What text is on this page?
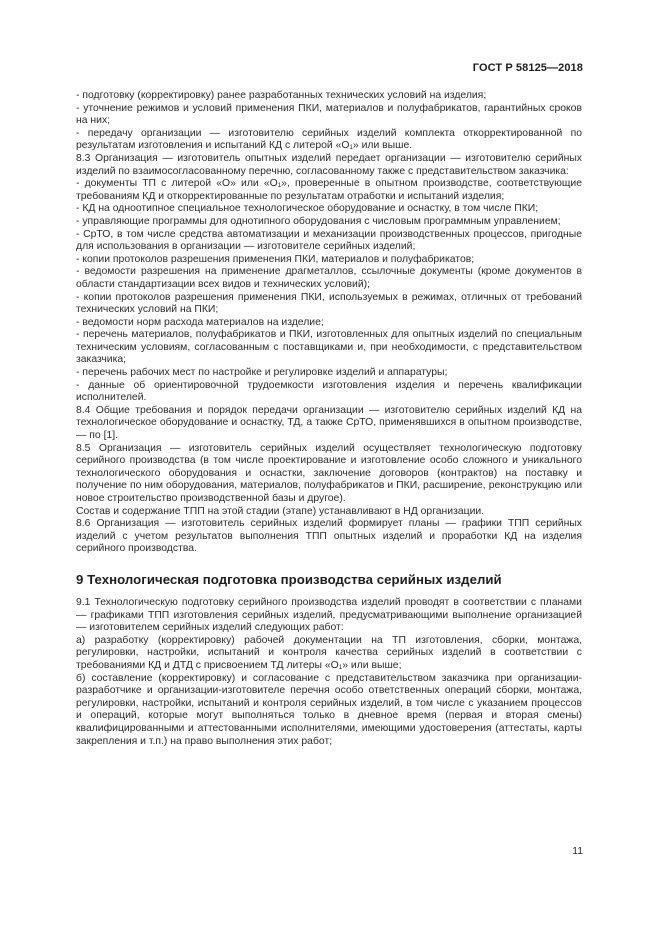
ГОСТ Р 58125—2018

- подготовку (корректировку) ранее разработанных технических условий на изделия;

- уточнение режимов и условий применения ПКИ, материалов и полуфабрикатов, гарантийных сроков на них;

- передачу организации — изготовителю серийных изделий комплекта откорректированной по результатам изготовления и испытаний КД с литерой «О₁» или выше.

8.3 Организация — изготовитель опытных изделий передает организации — изготовителю серийных изделий по взаимосогласованному перечню, согласованному также с представительством заказчика:

- документы ТП с литерой «О» или «О₁», проверенные в опытном производстве, соответствующие требованиям КД и откорректированные по результатам отработки и испытаний изделия;

- КД на одноотипное специальное технологическое оборудование и оснастку, в том числе ПКИ;

- управляющие программы для однотипного оборудования с числовым программным управлением;

- СрТО, в том числе средства автоматизации и механизации производственных процессов, пригодные для использования в организации — изготовителе серийных изделий;

- копии протоколов разрешения применения ПКИ, материалов и полуфабрикатов;

- ведомости разрешения на применение драгметаллов, ссылочные документы (кроме документов в области стандартизации всех видов и технических условий);

- копии протоколов разрешения применения ПКИ, используемых в режимах, отличных от требований технических условий на ПКИ;

- ведомости норм расхода материалов на изделие;

- перечень материалов, полуфабрикатов и ПКИ, изготовленных для опытных изделий по специальным техническим условиям, согласованным с поставщиками и, при необходимости, с представительством заказчика;

- перечень рабочих мест по настройке и регулировке изделий и аппаратуры;

- данные об ориентировочной трудоемкости изготовления изделия и перечень квалификации исполнителей.

8.4 Общие требования и порядок передачи организации — изготовителю серийных изделий КД на технологическое оборудование и оснастку, ТД, а также СрТО, применявшихся в опытном производстве, — по [1].

8.5 Организация — изготовитель серийных изделий осуществляет технологическую подготовку серийного производства (в том числе проектирование и изготовление особо сложного и уникального технологического оборудования и оснастки, заключение договоров (контрактов) на поставку и получение по ним оборудования, материалов, полуфабрикатов и ПКИ, расширение, реконструкцию или новое строительство производственной базы и другое).

Состав и содержание ТПП на этой стадии (этапе) устанавливают в НД организации.

8.6 Организация — изготовитель серийных изделий формирует планы — графики ТПП серийных изделий с учетом результатов выполнения ТПП опытных изделий и проработки КД на изделия серийного производства.

9 Технологическая подготовка производства серийных изделий

9.1 Технологическую подготовку серийного производства изделий проводят в соответствии с планами — графиками ТПП изготовления серийных изделий, предусматривающими выполнение организацией — изготовителем серийных изделий следующих работ:

а) разработку (корректировку) рабочей документации на ТП изготовления, сборки, монтажа, регулировки, настройки, испытаний и контроля качества серийных изделий в соответствии с требованиями КД и ДТД с присвоением ТД литеры «О₁» или выше;

б) составление (корректировку) и согласование с представительством заказчика при организации-разработчике и организации-изготовителе перечня особо ответственных операций сборки, монтажа, регулировки, настройки, испытаний и контроля серийных изделий, в том числе с указанием процессов и операций, которые могут выполняться только в дневное время (первая и вторая смены) квалифицированными и аттестованными исполнителями, имеющими удостоверения (аттестаты, карты закрепления и т.п.) на право выполнения этих работ;

11
